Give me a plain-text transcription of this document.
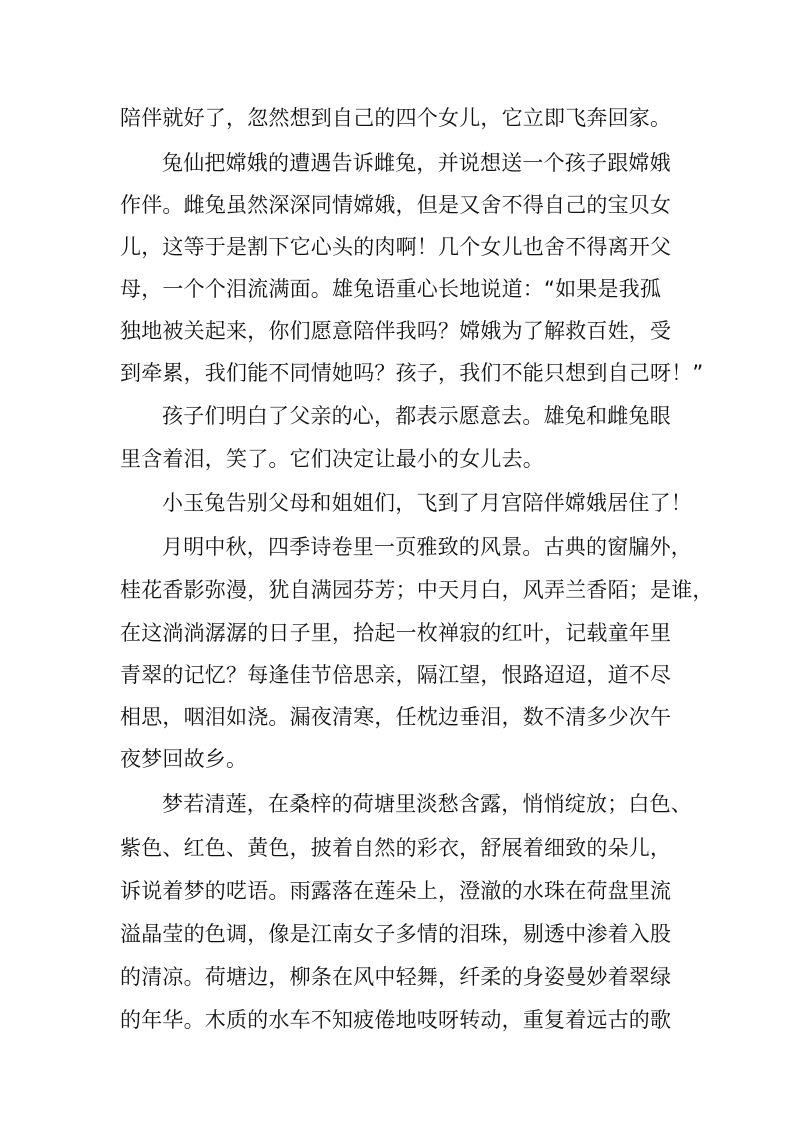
陪伴就好了，忽然想到自己的四个女儿，它立即飞奔回家。
兔仙把嫦娥的遭遇告诉雌兔，并说想送一个孩子跟嫦娥
作伴。雌兔虽然深深同情嫦娥，但是又舍不得自己的宝贝女
儿，这等于是割下它心头的肉啊！几个女儿也舍不得离开父
母，一个个泪流满面。雄兔语重心长地说道：“如果是我孤
独地被关起来，你们愿意陪伴我吗？嫦娥为了解救百姓，受
到牵累，我们能不同情她吗？孩子，我们不能只想到自己呀！”
孩子们明白了父亲的心，都表示愿意去。雄兔和雌兔眼
里含着泪，笑了。它们决定让最小的女儿去。
小玉兔告别父母和姐姐们，飞到了月宫陪伴嫦娥居住了！
月明中秋，四季诗卷里一页雅致的风景。古典的窗牖外，
桂花香影弥漫，犹自满园芬芳；中天月白，风弄兰香陌；是谁，
在这淌淌潺潺的日子里，拾起一枚禅寂的红叶，记载童年里
青翠的记忆？每逢佳节倍思亲，隔江望，恨路迢迢，道不尽
相思，咽泪如浇。漏夜清寒，任枕边垂泪，数不清多少次午
夜梦回故乡。
梦若清莲，在桑梓的荷塘里淡愁含露，悄悄绽放；白色、
紫色、红色、黄色，披着自然的彩衣，舒展着细致的朵儿，
诉说着梦的呓语。雨露落在莲朵上，澄澈的水珠在荷盘里流
溢晶莹的色调，像是江南女子多情的泪珠，剔透中渗着入股
的清凉。荷塘边，柳条在风中轻舞，纤柔的身姿曼妙着翠绿
的年华。木质的水车不知疲倦地吱呀转动，重复着远古的歌
